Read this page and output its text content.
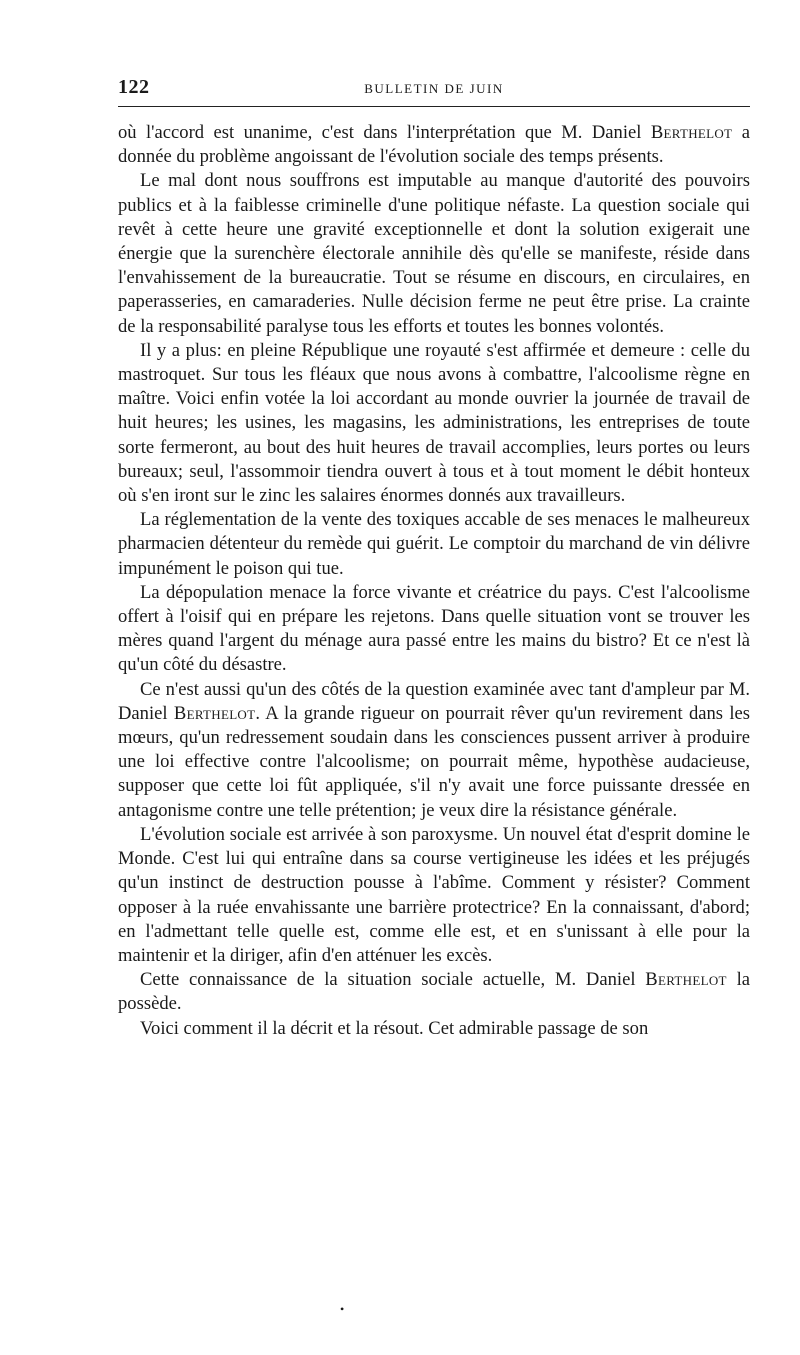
122	BULLETIN DE JUIN

où l'accord est unanime, c'est dans l'interprétation que M. Daniel Berthelot a donnée du problème angoissant de l'évolution sociale des temps présents.

Le mal dont nous souffrons est imputable au manque d'autorité des pouvoirs publics et à la faiblesse criminelle d'une politique néfaste. La question sociale qui revêt à cette heure une gravité exceptionnelle et dont la solution exigerait une énergie que la surenchère électorale annihile dès qu'elle se manifeste, réside dans l'envahissement de la bureaucratie. Tout se résume en discours, en circulaires, en paperasseries, en camaraderies. Nulle décision ferme ne peut être prise. La crainte de la responsabilité paralyse tous les efforts et toutes les bonnes volontés.

Il y a plus: en pleine République une royauté s'est affirmée et demeure : celle du mastroquet. Sur tous les fléaux que nous avons à combattre, l'alcoolisme règne en maître. Voici enfin votée la loi accordant au monde ouvrier la journée de travail de huit heures; les usines, les magasins, les administrations, les entreprises de toute sorte fermeront, au bout des huit heures de travail accomplies, leurs portes ou leurs bureaux; seul, l'assommoir tiendra ouvert à tous et à tout moment le débit honteux où s'en iront sur le zinc les salaires énormes donnés aux travailleurs.

La réglementation de la vente des toxiques accable de ses menaces le malheureux pharmacien détenteur du remède qui guérit. Le comptoir du marchand de vin délivre impunément le poison qui tue.

La dépopulation menace la force vivante et créatrice du pays. C'est l'alcoolisme offert à l'oisif qui en prépare les rejetons. Dans quelle situation vont se trouver les mères quand l'argent du ménage aura passé entre les mains du bistro? Et ce n'est là qu'un côté du désastre.

Ce n'est aussi qu'un des côtés de la question examinée avec tant d'ampleur par M. Daniel Berthelot. A la grande rigueur on pourrait rêver qu'un revirement dans les mœurs, qu'un redressement soudain dans les consciences pussent arriver à produire une loi effective contre l'alcoolisme; on pourrait même, hypothèse audacieuse, supposer que cette loi fût appliquée, s'il n'y avait une force puissante dressée en antagonisme contre une telle prétention; je veux dire la résistance générale.

L'évolution sociale est arrivée à son paroxysme. Un nouvel état d'esprit domine le Monde. C'est lui qui entraîne dans sa course vertigineuse les idées et les préjugés qu'un instinct de destruction pousse à l'abîme. Comment y résister? Comment opposer à la ruée envahissante une barrière protectrice? En la connaissant, d'abord; en l'admettant telle quelle est, comme elle est, et en s'unissant à elle pour la maintenir et la diriger, afin d'en atténuer les excès.

Cette connaissance de la situation sociale actuelle, M. Daniel Berthelot la possède.

Voici comment il la décrit et la résout. Cet admirable passage de son

•
